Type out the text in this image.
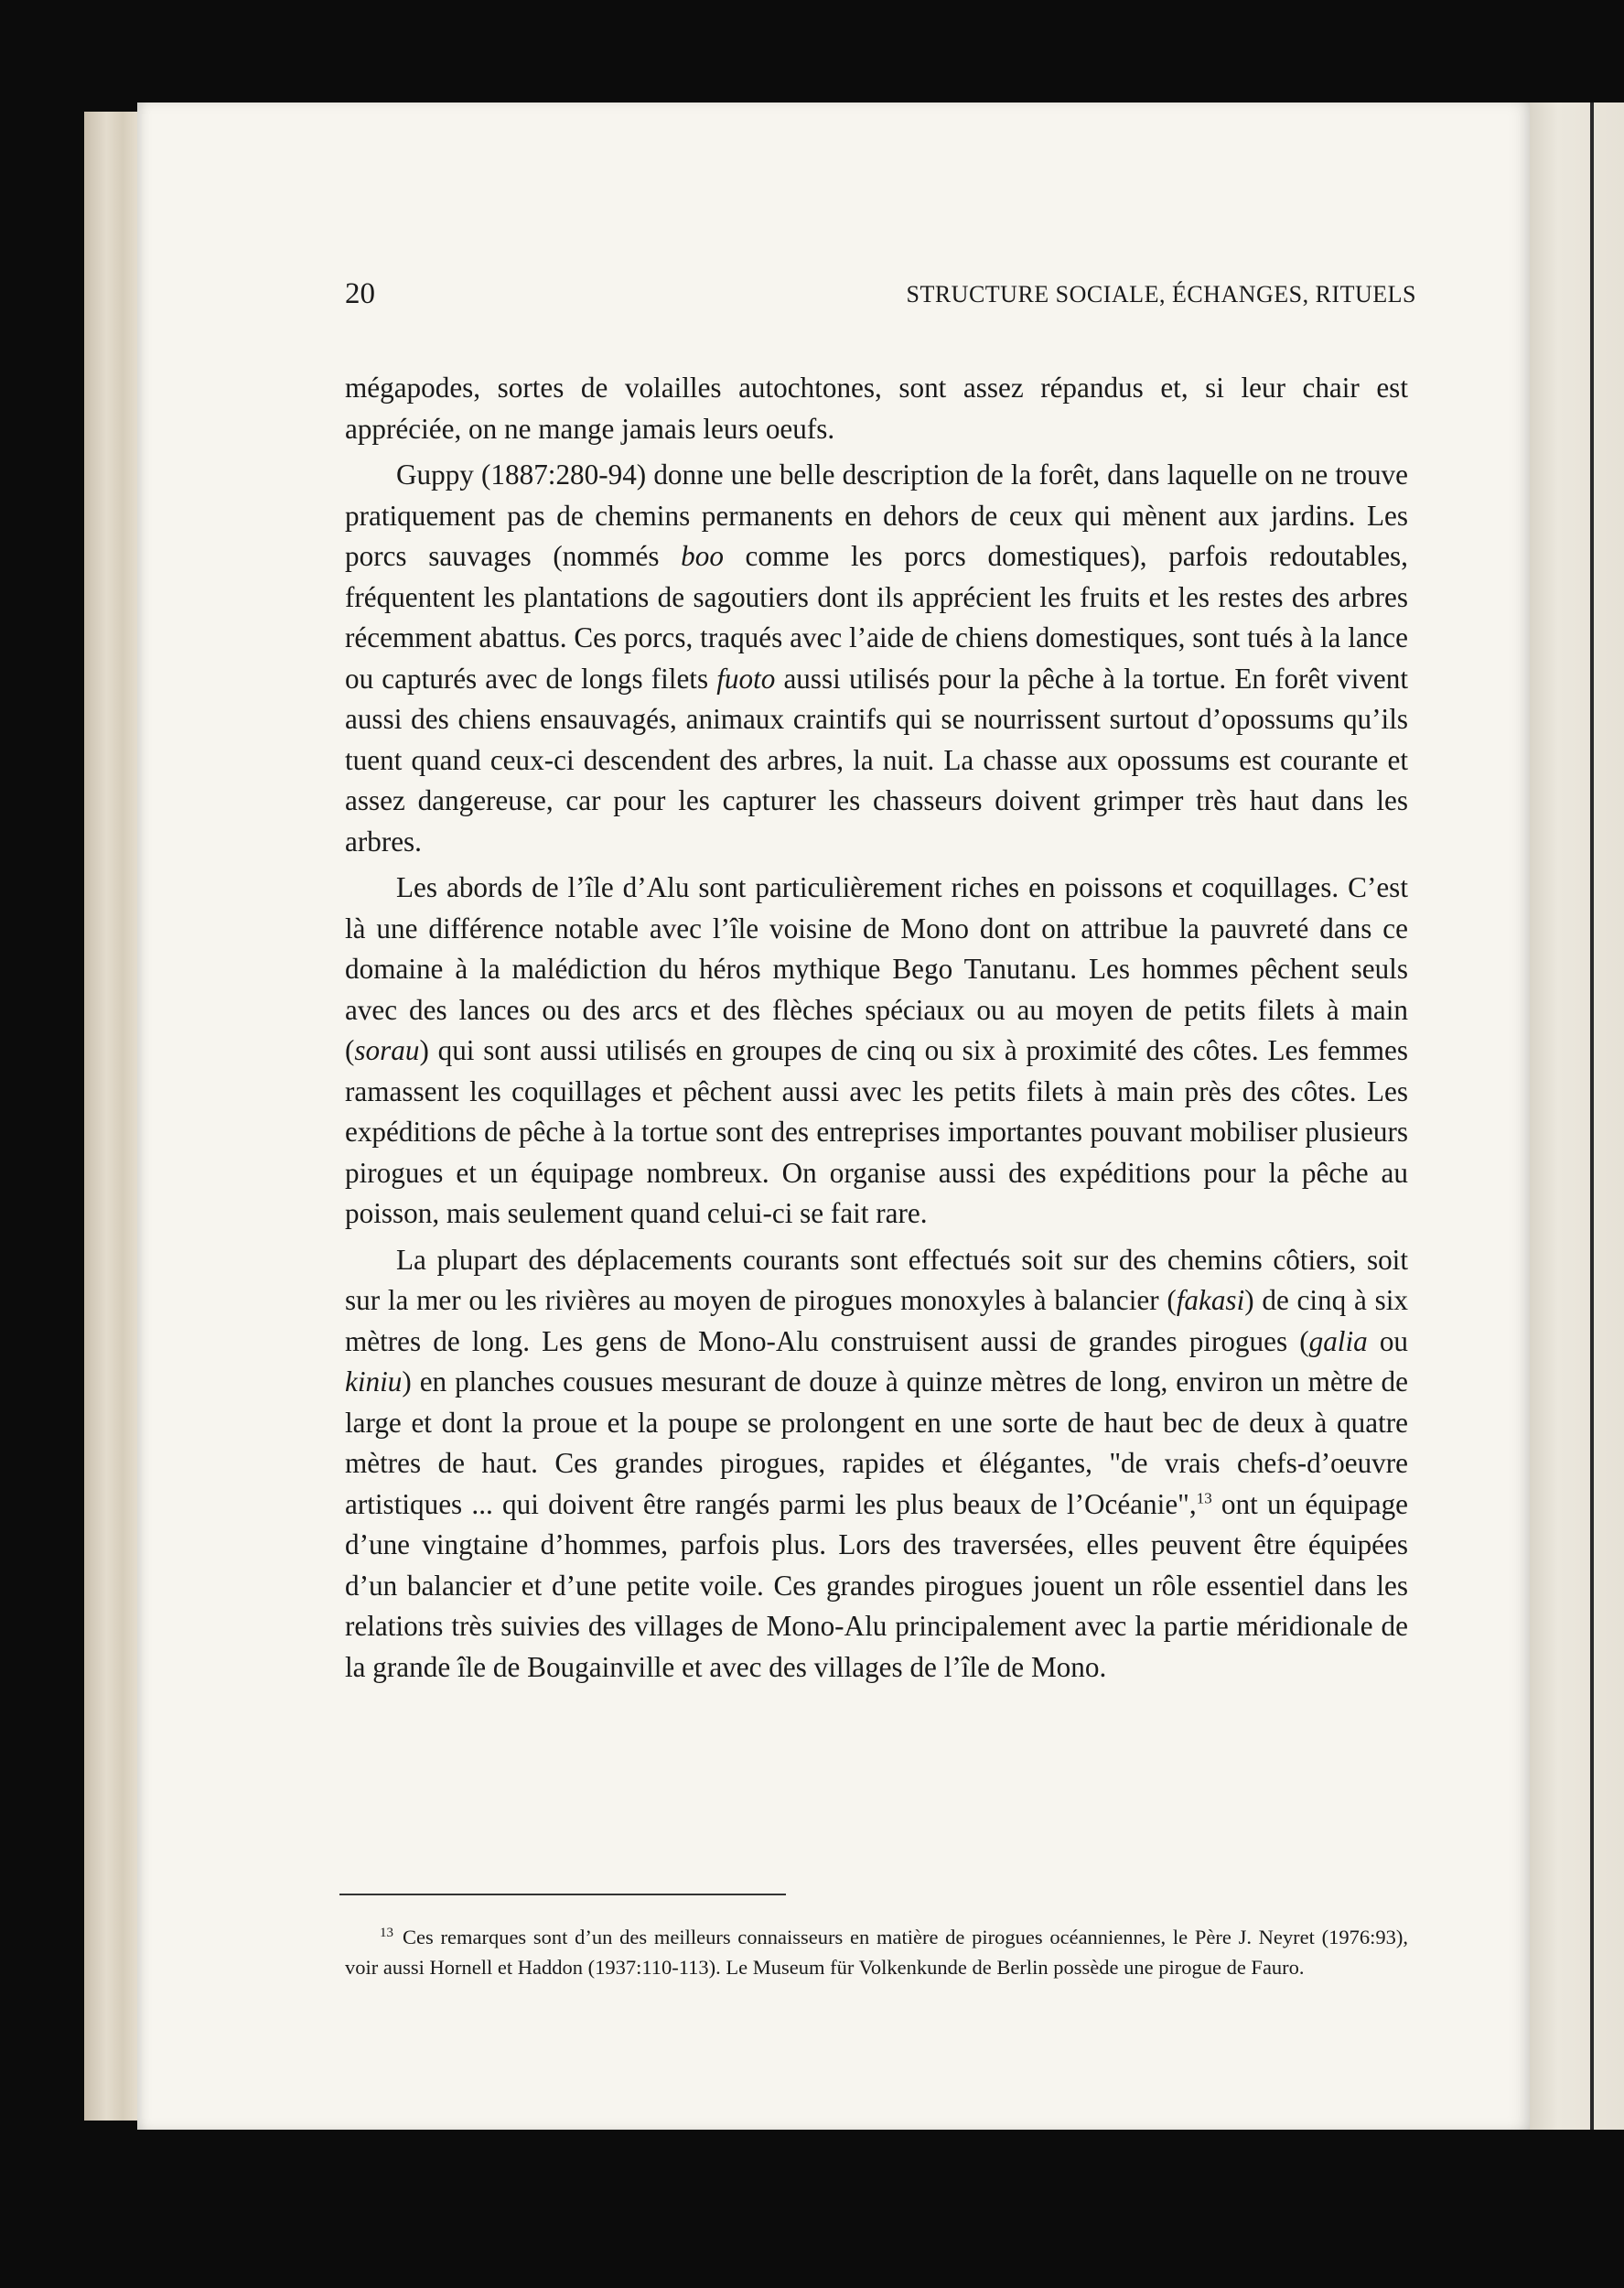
20	STRUCTURE SOCIALE, ÉCHANGES, RITUELS

mégapodes, sortes de volailles autochtones, sont assez répandus et, si leur chair est appréciée, on ne mange jamais leurs oeufs.

Guppy (1887:280-94) donne une belle description de la forêt, dans laquelle on ne trouve pratiquement pas de chemins permanents en dehors de ceux qui mènent aux jardins. Les porcs sauvages (nommés boo comme les porcs domestiques), parfois redoutables, fréquentent les plantations de sagoutiers dont ils apprécient les fruits et les restes des arbres récemment abattus. Ces porcs, traqués avec l’aide de chiens domestiques, sont tués à la lance ou capturés avec de longs filets fuoto aussi utilisés pour la pêche à la tortue. En forêt vivent aussi des chiens ensauvagés, animaux craintifs qui se nourrissent surtout d’opossums qu’ils tuent quand ceux-ci descendent des arbres, la nuit. La chasse aux opossums est courante et assez dangereuse, car pour les capturer les chasseurs doivent grimper très haut dans les arbres.

Les abords de l’île d’Alu sont particulièrement riches en poissons et coquillages. C’est là une différence notable avec l’île voisine de Mono dont on attribue la pauvreté dans ce domaine à la malédiction du héros mythique Bego Tanutanu. Les hommes pêchent seuls avec des lances ou des arcs et des flèches spéciaux ou au moyen de petits filets à main (sorau) qui sont aussi utilisés en groupes de cinq ou six à proximité des côtes. Les femmes ramassent les coquillages et pêchent aussi avec les petits filets à main près des côtes. Les expéditions de pêche à la tortue sont des entreprises importantes pouvant mobiliser plusieurs pirogues et un équipage nombreux. On organise aussi des expéditions pour la pêche au poisson, mais seulement quand celui-ci se fait rare.

La plupart des déplacements courants sont effectués soit sur des chemins côtiers, soit sur la mer ou les rivières au moyen de pirogues monoxyles à balancier (fakasi) de cinq à six mètres de long. Les gens de Mono-Alu construisent aussi de grandes pirogues (galia ou kiniu) en planches cousues mesurant de douze à quinze mètres de long, environ un mètre de large et dont la proue et la poupe se prolongent en une sorte de haut bec de deux à quatre mètres de haut. Ces grandes pirogues, rapides et élégantes, "de vrais chefs-d’oeuvre artistiques ... qui doivent être rangés parmi les plus beaux de l’Océanie",$^{13}$ ont un équipage d’une vingtaine d’hommes, parfois plus. Lors des traversées, elles peuvent être équipées d’un balancier et d’une petite voile. Ces grandes pirogues jouent un rôle essentiel dans les relations très suivies des villages de Mono-Alu principalement avec la partie méridionale de la grande île de Bougainville et avec des villages de l’île de Mono.

$^{13}$ Ces remarques sont d’un des meilleurs connaisseurs en matière de pirogues océanniennes, le Père J. Neyret (1976:93), voir aussi Hornell et Haddon (1937:110-113). Le Museum für Volkenkunde de Berlin possède une pirogue de Fauro.
